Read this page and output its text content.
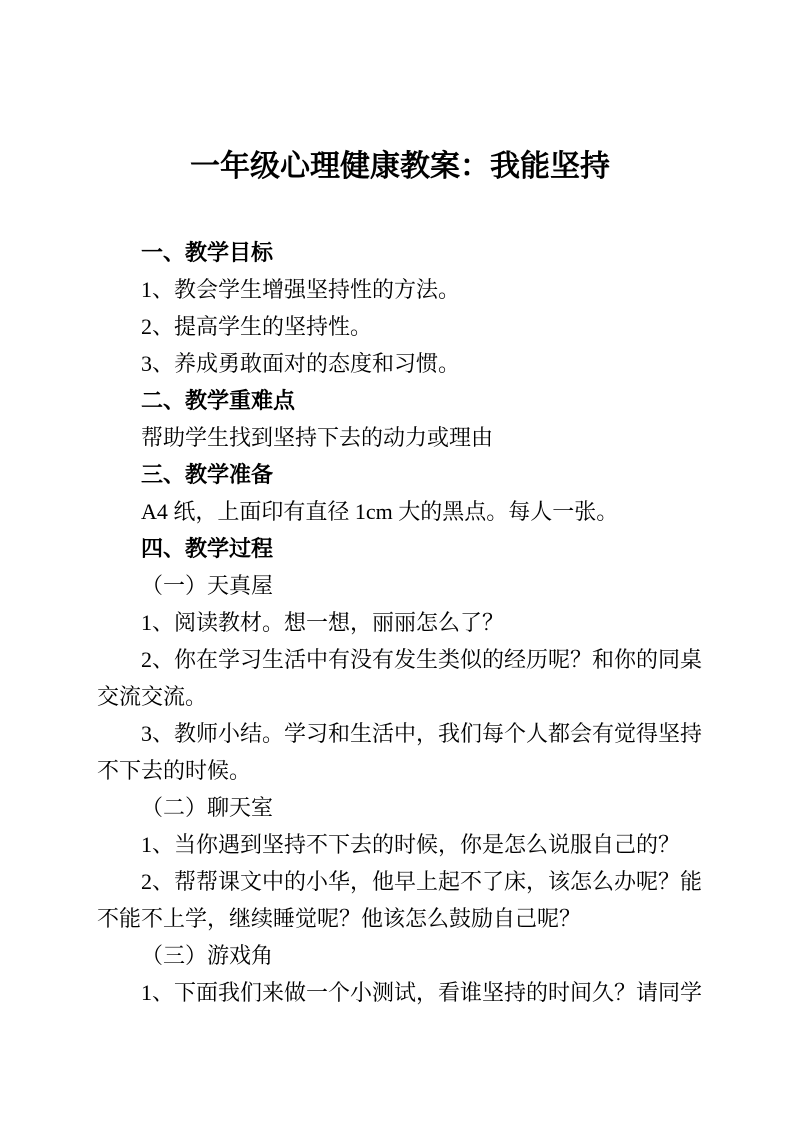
一年级心理健康教案：我能坚持

一、教学目标

1、教会学生增强坚持性的方法。

2、提高学生的坚持性。

3、养成勇敢面对的态度和习惯。

二、教学重难点

帮助学生找到坚持下去的动力或理由

三、教学准备

A4 纸，上面印有直径 1cm 大的黑点。每人一张。

四、教学过程

（一）天真屋

1、阅读教材。想一想，丽丽怎么了？

2、你在学习生活中有没有发生类似的经历呢？和你的同桌

交流交流。

3、教师小结。学习和生活中，我们每个人都会有觉得坚持

不下去的时候。

（二）聊天室

1、当你遇到坚持不下去的时候，你是怎么说服自己的？

2、帮帮课文中的小华，他早上起不了床，该怎么办呢？能

不能不上学，继续睡觉呢？他该怎么鼓励自己呢？

（三）游戏角

1、下面我们来做一个小测试，看谁坚持的时间久？请同学
